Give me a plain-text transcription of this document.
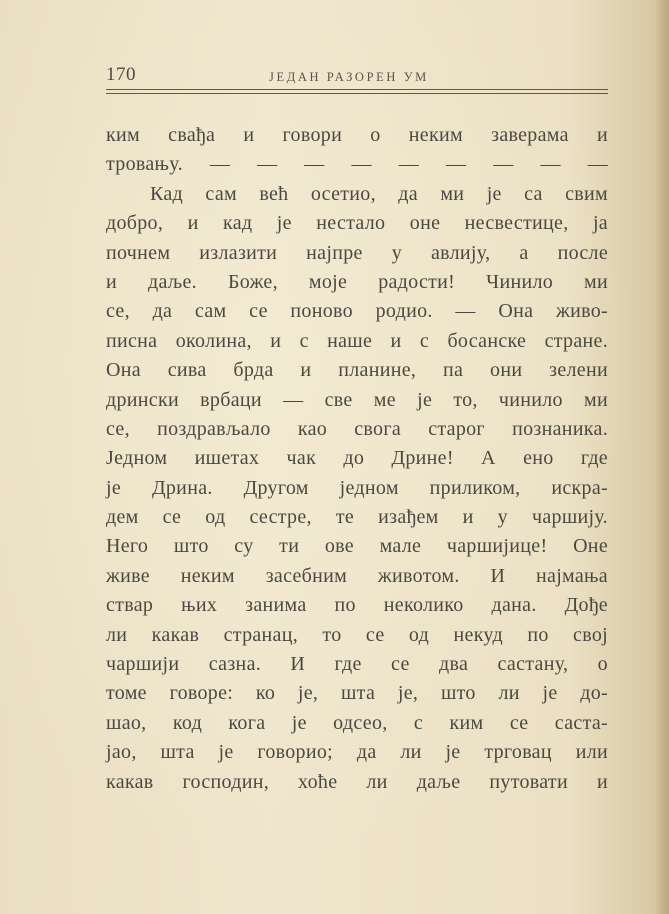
170	ЈЕДАН РАЗОРЕН УМ
ким свађа и говори о неким заверама и
тровању. — — — — — — — — —
Кад сам већ осетио, да ми је са свим
добро, и кад је нестало оне несвестице, ја
почнем излазити најпре у авлију, а после
и даље. Боже, моје радости! Чинило ми
се, да сам се поново родио. — Она живо-
писна околина, и с наше и с босанске стране.
Она сива брда и планине, па они зелени
дрински врбаци — све ме је то, чинило ми
се, поздрављало као свога старог познаника.
Једном ишетах чак до Дрине! А ено где
је Дрина. Другом једном приликом, искра-
дем се од сестре, те изађем и у чаршију.
Него што су ти ове мале чаршијице! Оне
живе неким засебним животом. И најмања
ствар њих занима по неколико дана. Дође
ли какав странац, то се од некуд по свој
чаршији сазна. И где се два састану, о
томе говоре: ко је, шта је, што ли је до-
шао, код кога је одсео, с ким се саста-
јао, шта је говорио; да ли је трговац или
какав господин, хоће ли даље путовати и
